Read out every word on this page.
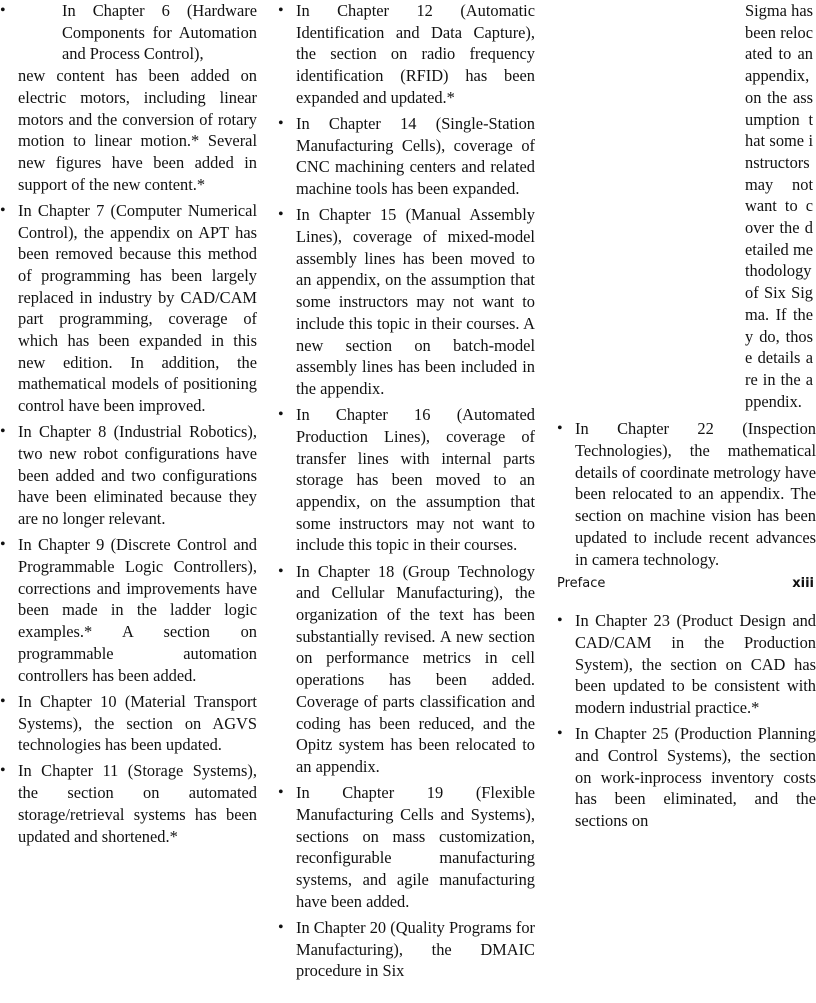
• In Chapter 6 (Hardware Components for Automation and Process Control),
new content has been added on electric motors, including linear motors and the conversion of rotary motion to linear motion.* Several new figures have been added in support of the new content.*
• In Chapter 7 (Computer Numerical Control), the appendix on APT has been removed because this method of programming has been largely replaced in industry by CAD/CAM part programming, coverage of which has been expanded in this new edition. In addition, the mathematical models of positioning control have been improved.
• In Chapter 8 (Industrial Robotics), two new robot configurations have been added and two configurations have been eliminated because they are no longer relevant.
• In Chapter 9 (Discrete Control and Programmable Logic Controllers), corrections and improvements have been made in the ladder logic examples.* A section on programmable automation controllers has been added.
• In Chapter 10 (Material Transport Systems), the section on AGVS technologies has been updated.
• In Chapter 11 (Storage Systems), the section on automated storage/retrieval systems has been updated and shortened.*
• In Chapter 12 (Automatic Identification and Data Capture), the section on radio frequency identification (RFID) has been expanded and updated.*
• In Chapter 14 (Single-Station Manufacturing Cells), coverage of CNC machining centers and related machine tools has been expanded.
• In Chapter 15 (Manual Assembly Lines), coverage of mixed-model assembly lines has been moved to an appendix, on the assumption that some instructors may not want to include this topic in their courses. A new section on batch-model assembly lines has been included in the appendix.
• In Chapter 16 (Automated Production Lines), coverage of transfer lines with internal parts storage has been moved to an appendix, on the assumption that some instructors may not want to include this topic in their courses.
• In Chapter 18 (Group Technology and Cellular Manufacturing), the organization of the text has been substantially revised. A new section on performance metrics in cell operations has been added. Coverage of parts classification and coding has been reduced, and the Opitz system has been relocated to an appendix.
• In Chapter 19 (Flexible Manufacturing Cells and Systems), sections on mass customization, reconfigurable manufacturing systems, and agile manufacturing have been added.
• In Chapter 20 (Quality Programs for Manufacturing), the DMAIC procedure in Six
Sigma has been relocated to an appendix, on the assumption that some instructors may not want to cover the detailed methodology of Six Sigma. If they do, those details are in the appendix.
• In Chapter 22 (Inspection Technologies), the mathematical details of coordinate metrology have been relocated to an appendix. The section on machine vision has been updated to include recent advances in camera technology.
Preface	xiii
• In Chapter 23 (Product Design and CAD/CAM in the Production System), the section on CAD has been updated to be consistent with modern industrial practice.*
• In Chapter 25 (Production Planning and Control Systems), the section on work-inprocess inventory costs has been eliminated, and the sections on
